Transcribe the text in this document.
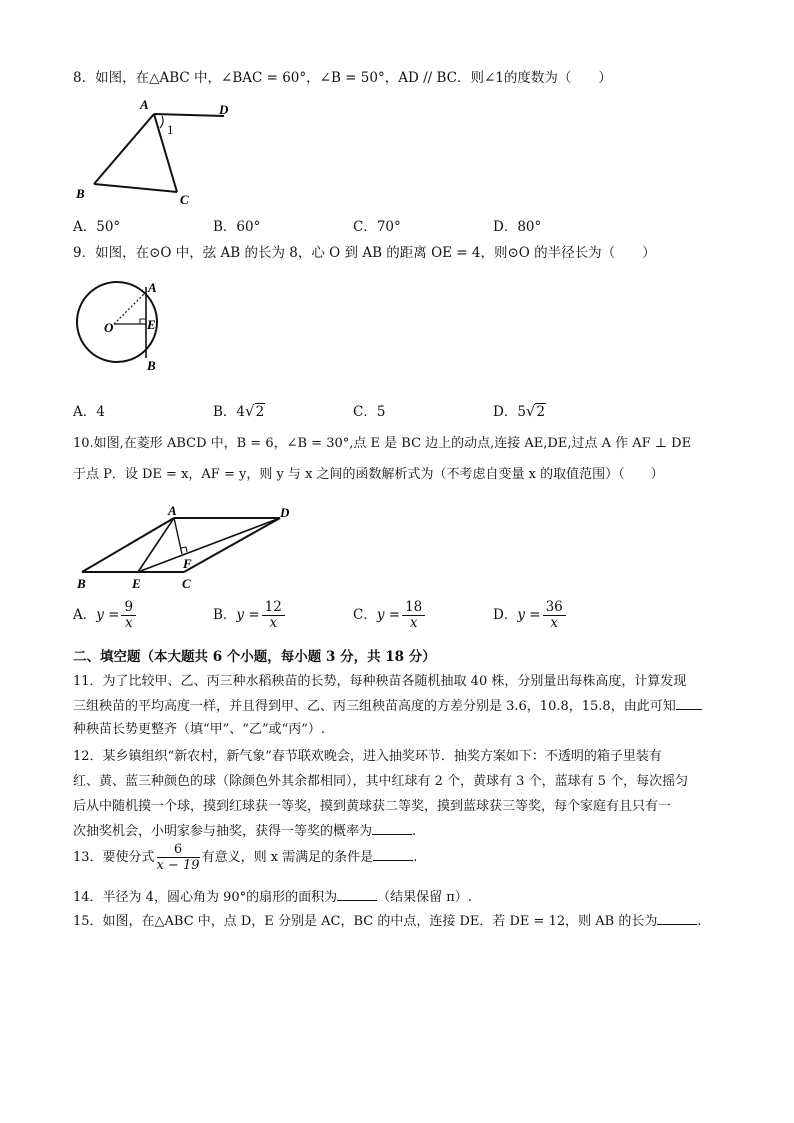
8．如图，在△ABC 中，∠BAC = 60°，∠B = 50°，AD // BC．则∠1的度数为（　　）
A	D
1
B	C
A．50°	B．60°	C．70°	D．80°
9．如图，在⊙O 中，弦 AB 的长为 8，心 O 到 AB 的距离 OE = 4，则⊙O 的半径长为（　　）
A
O	E
B
A．4	B．4√2	C．5	D．5√2
10.如图,在菱形 ABCD 中，B = 6，∠B = 30°,点 E 是 BC 边上的动点,连接 AE,DE,过点 A 作 AF ⊥ DE
于点 P．设 DE = x，AF = y，则 y 与 x 之间的函数解析式为（不考虑自变量 x 的取值范围）（　　）
A	D
F
B	E	C
A．$y = \frac{9}{x}$	B．$y = \frac{12}{x}$	C．$y = \frac{18}{x}$	D．$y = \frac{36}{x}$
二、填空题（本大题共 6 个小题，每小题 3 分，共 18 分）
11．为了比较甲、乙、丙三种水稻秧苗的长势，每种秧苗各随机抽取 40 株，分别量出每株高度，计算发现
三组秧苗的平均高度一样，并且得到甲、乙、丙三组秧苗高度的方差分别是 3.6，10.8，15.8，由此可知
种秧苗长势更整齐（填“甲”、“乙”或“丙”）.
12．某乡镇组织“新农村，新气象”春节联欢晚会，进入抽奖环节．抽奖方案如下：不透明的箱子里装有
红、黄、蓝三种颜色的球（除颜色外其余都相同），其中红球有 2 个，黄球有 3 个，蓝球有 5 个，每次摇匀
后从中随机摸一个球，摸到红球获一等奖，摸到黄球获二等奖，摸到蓝球获三等奖，每个家庭有且只有一
次抽奖机会，小明家参与抽奖，获得一等奖的概率为	.
13．要使分式 $\frac{6}{x - 19}$ 有意义，则 x 需满足的条件是	.
14．半径为 4，圆心角为 90°的扇形的面积为	（结果保留 π）.
15．如图，在△ABC 中，点 D，E 分别是 AC，BC 的中点，连接 DE．若 DE = 12，则 AB 的长为	.
